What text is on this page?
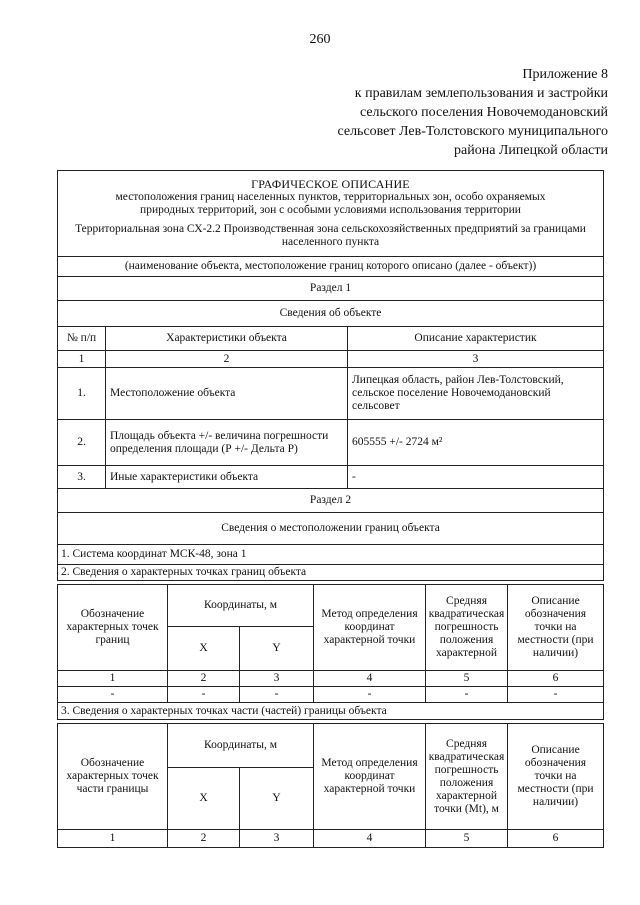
260
Приложение 8
к правилам землепользования и застройки
сельского поселения Новочемодановский
сельсовет Лев-Толстовского муниципального
района Липецкой области
ГРАФИЧЕСКОЕ ОПИСАНИЕ
местоположения границ населенных пунктов, территориальных зон, особо охраняемых природных территорий, зон с особыми условиями использования территории
Территориальная зона СХ-2.2 Производственная зона сельскохозяйственных предприятий за границами населенного пункта		

(наименование объекта, местоположение границ которого описано (далее - объект))		
Раздел 1		
Сведения об объекте		
№ п/п	Характеристики объекта	Описание характеристик
1	2	3
1.	Местоположение объекта	Липецкая область, район Лев-Толстовский, сельское поселение Новочемодановский сельсовет
2.	Площадь объекта +/- величина погрешности определения площади (Р +/- Дельта Р)	605555 +/- 2724 м²
3.	Иные характеристики объекта	-
Раздел 2		
Сведения о местоположении границ объекта		
1. Система координат МСК-48, зона 1		
2. Сведения о характерных точках границ объекта		
Обозначение характерных точек границ	Координаты, м		Метод определения координат характерной точки	Средняя квадратическая погрешность положения характерной	Описание обозначения точки на местности (при наличии)
	X	Y			
1	2	3	4	5	6
-	-	-	-	-	-
3. Сведения о характерных точках части (частей) границы объекта					
Обозначение характерных точек части границы	Координаты, м		Метод определения координат характерной точки	Средняя квадратическая погрешность положения характерной точки (Mt), м	Описание обозначения точки на местности (при наличии)
	X	Y			
1	2	3	4	5	6
